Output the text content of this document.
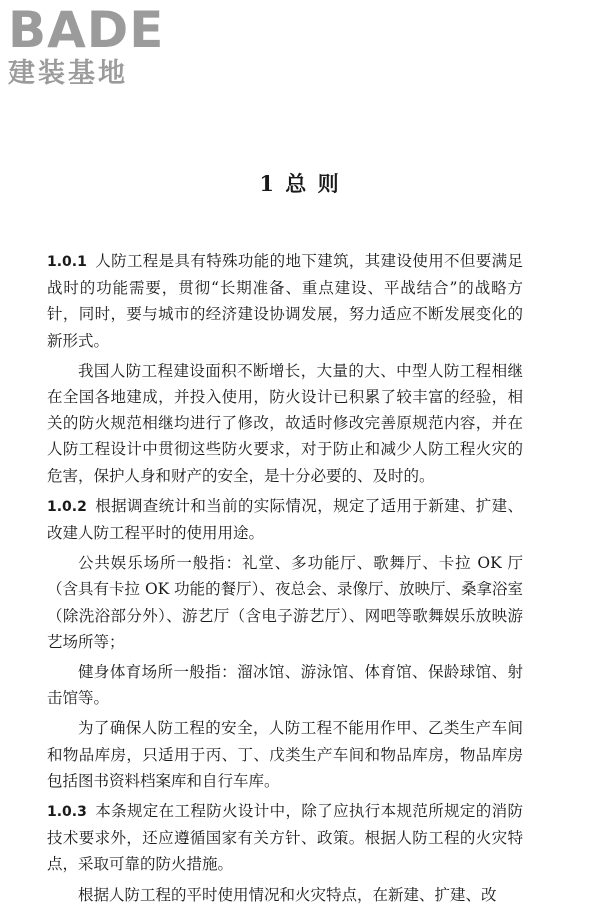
BADE
建装基地
1 总 则

1.0.1 人防工程是具有特殊功能的地下建筑，其建设使用不但要满足战时的功能需要，贯彻“长期准备、重点建设、平战结合”的战略方针，同时，要与城市的经济建设协调发展，努力适应不断发展变化的新形式。

我国人防工程建设面积不断增长，大量的大、中型人防工程相继在全国各地建成，并投入使用，防火设计已积累了较丰富的经验，相关的防火规范相继均进行了修改，故适时修改完善原规范内容，并在人防工程设计中贯彻这些防火要求，对于防止和减少人防工程火灾的危害，保护人身和财产的安全，是十分必要的、及时的。

1.0.2 根据调查统计和当前的实际情况，规定了适用于新建、扩建、改建人防工程平时的使用用途。

公共娱乐场所一般指：礼堂、多功能厅、歌舞厅、卡拉 OK 厅（含具有卡拉 OK 功能的餐厅）、夜总会、录像厅、放映厅、桑拿浴室（除洗浴部分外）、游艺厅（含电子游艺厅）、网吧等歌舞娱乐放映游艺场所等；

健身体育场所一般指：溜冰馆、游泳馆、体育馆、保龄球馆、射击馆等。

为了确保人防工程的安全，人防工程不能用作甲、乙类生产车间和物品库房，只适用于丙、丁、戊类生产车间和物品库房，物品库房包括图书资料档案库和自行车库。

1.0.3 本条规定在工程防火设计中，除了应执行本规范所规定的消防技术要求外，还应遵循国家有关方针、政策。根据人防工程的火灾特点，采取可靠的防火措施。

根据人防工程的平时使用情况和火灾特点，在新建、扩建、改
